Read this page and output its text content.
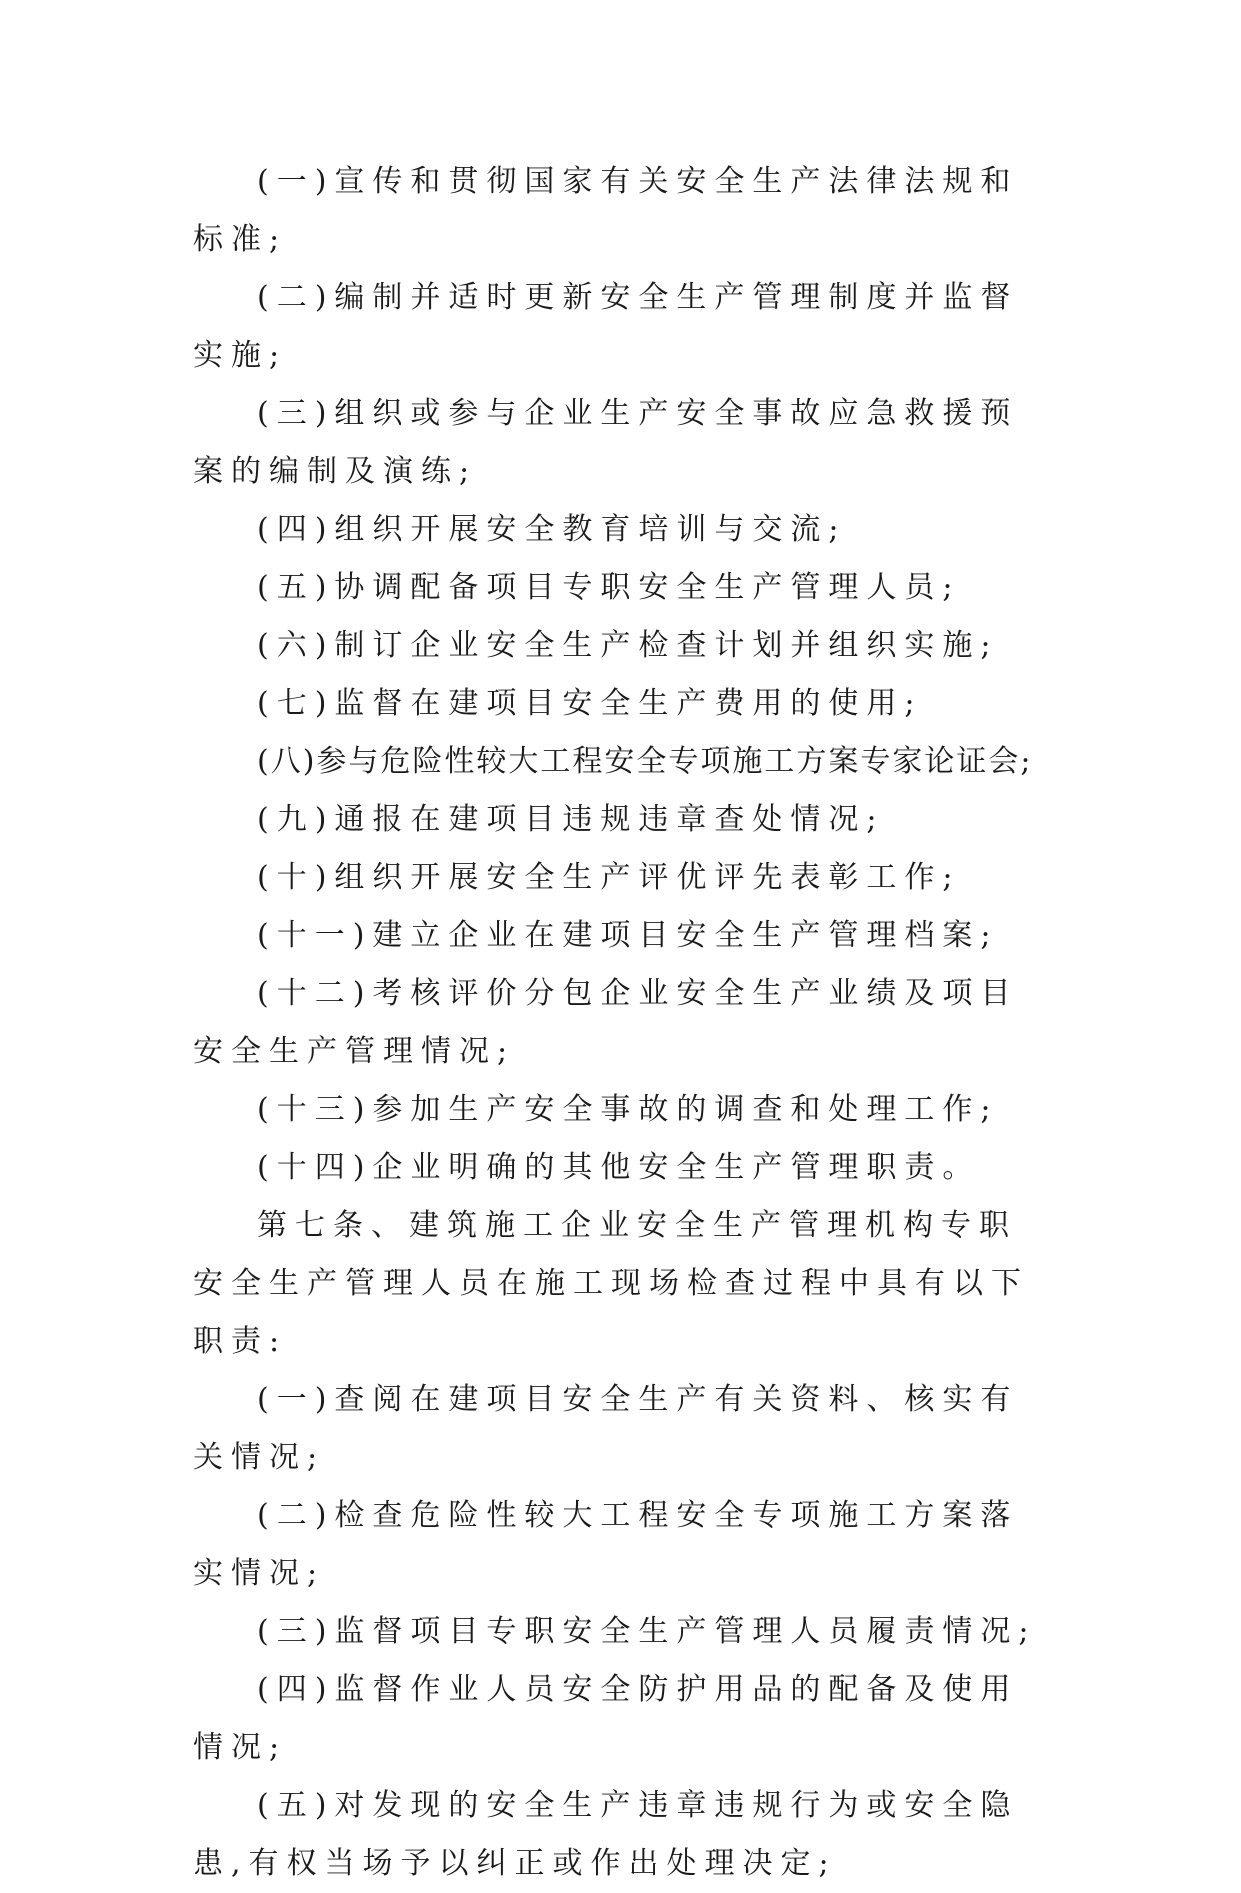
(一)宣传和贯彻国家有关安全生产法律法规和标准;

(二)编制并适时更新安全生产管理制度并监督实施;

(三)组织或参与企业生产安全事故应急救援预案的编制及演练;

(四)组织开展安全教育培训与交流;

(五)协调配备项目专职安全生产管理人员;

(六)制订企业安全生产检查计划并组织实施;

(七)监督在建项目安全生产费用的使用;

(八)参与危险性较大工程安全专项施工方案专家论证会;

(九)通报在建项目违规违章查处情况;

(十)组织开展安全生产评优评先表彰工作;

(十一)建立企业在建项目安全生产管理档案;

(十二)考核评价分包企业安全生产业绩及项目安全生产管理情况;

(十三)参加生产安全事故的调查和处理工作;

(十四)企业明确的其他安全生产管理职责。

第七条、建筑施工企业安全生产管理机构专职安全生产管理人员在施工现场检查过程中具有以下职责:

(一)查阅在建项目安全生产有关资料、核实有关情况;

(二)检查危险性较大工程安全专项施工方案落实情况;

(三)监督项目专职安全生产管理人员履责情况;

(四)监督作业人员安全防护用品的配备及使用情况;

(五)对发现的安全生产违章违规行为或安全隐患,有权当场予以纠正或作出处理决定;
